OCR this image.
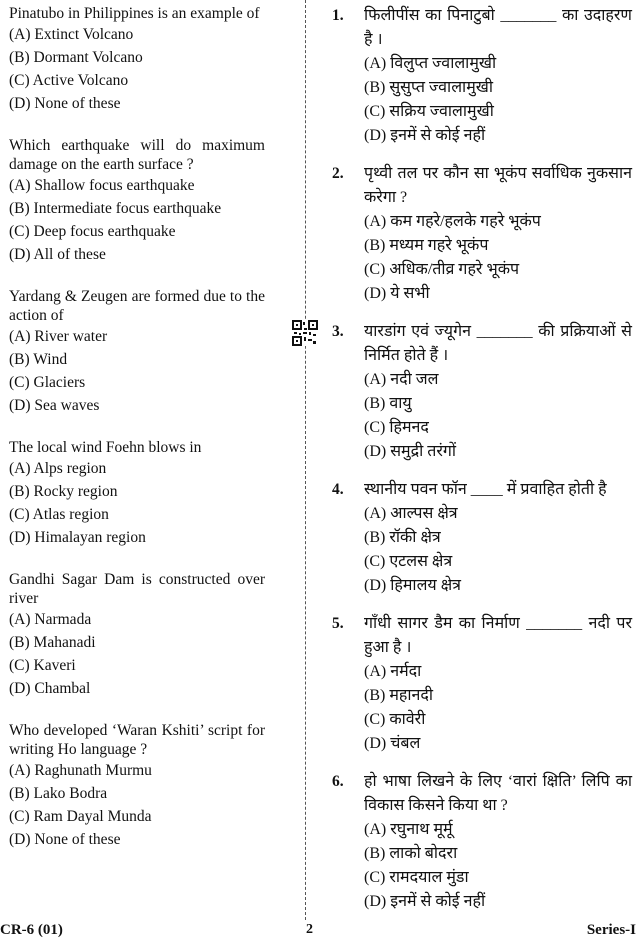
Pinatubo in Philippines is an example of
(A) Extinct Volcano
(B) Dormant Volcano
(C) Active Volcano
(D) None of these
Which earthquake will do maximum damage on the earth surface ?
(A) Shallow focus earthquake
(B) Intermediate focus earthquake
(C) Deep focus earthquake
(D) All of these
Yardang & Zeugen are formed due to the action of
(A) River water
(B) Wind
(C) Glaciers
(D) Sea waves
The local wind Foehn blows in
(A) Alps region
(B) Rocky region
(C) Atlas region
(D) Himalayan region
Gandhi Sagar Dam is constructed over river
(A) Narmada
(B) Mahanadi
(C) Kaveri
(D) Chambal
Who developed ‘Waran Kshiti’ script for writing Ho language ?
(A) Raghunath Murmu
(B) Lako Bodra
(C) Ram Dayal Munda
(D) None of these
1. फिलीपींस का पिनाटुबो _______ का उदाहरण है ।
(A) विलुप्त ज्वालामुखी
(B) सुसुप्त ज्वालामुखी
(C) सक्रिय ज्वालामुखी
(D) इनमें से कोई नहीं
2. पृथ्वी तल पर कौन सा भूकंप सर्वाधिक नुकसान करेगा ?
(A) कम गहरे/हलके गहरे भूकंप
(B) मध्यम गहरे भूकंप
(C) अधिक/तीव्र गहरे भूकंप
(D) ये सभी
3. यारडांग एवं ज्यूगेन _______ की प्रक्रियाओं से निर्मित होते हैं ।
(A) नदी जल
(B) वायु
(C) हिमनद
(D) समुद्री तरंगों
4. स्थानीय पवन फॉन ____ में प्रवाहित होती है
(A) आल्पस क्षेत्र
(B) रॉकी क्षेत्र
(C) एटलस क्षेत्र
(D) हिमालय क्षेत्र
5. गाँधी सागर डैम का निर्माण _______ नदी पर हुआ है ।
(A) नर्मदा
(B) महानदी
(C) कावेरी
(D) चंबल
6. हो भाषा लिखने के लिए ‘वारां क्षिति’ लिपि का विकास किसने किया था ?
(A) रघुनाथ मूर्मू
(B) लाको बोदरा
(C) रामदयाल मुंडा
(D) इनमें से कोई नहीं
CR-6 (01)	2	Series-I
